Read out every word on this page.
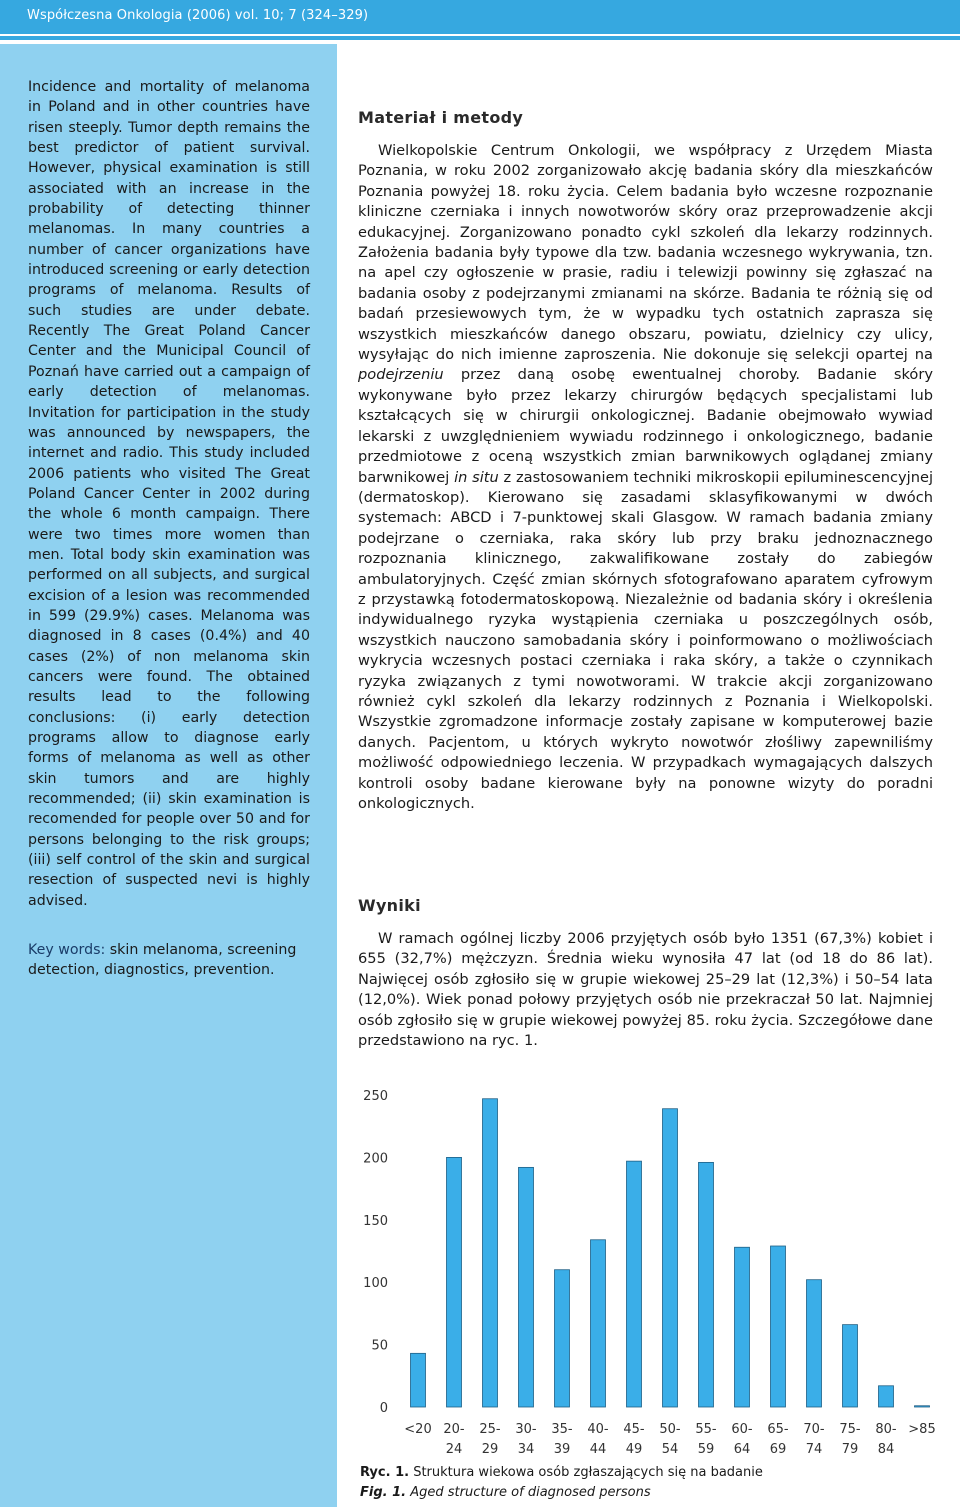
Współczesna Onkologia (2006) vol. 10; 7 (324–329)
Incidence and mortality of melanoma in Poland and in other countries have risen steeply. Tumor depth remains the best predictor of patient survival. However, physical examination is still associated with an increase in the probability of detecting thinner melanomas. In many countries a number of cancer organizations have introduced screening or early detection programs of melanoma. Results of such studies are under debate. Recently The Great Poland Cancer Center and the Municipal Council of Poznań have carried out a campaign of early detection of melanomas. Invitation for participation in the study was announced by newspapers, the internet and radio. This study included 2006 patients who visited The Great Poland Cancer Center in 2002 during the whole 6 month campaign. There were two times more women than men. Total body skin examination was performed on all subjects, and surgical excision of a lesion was recommended in 599 (29.9%) cases. Melanoma was diagnosed in 8 cases (0.4%) and 40 cases (2%) of non melanoma skin cancers were found. The obtained results lead to the following conclusions: (i) early detection programs allow to diagnose early forms of melanoma as well as other skin tumors and are highly recommended; (ii) skin examination is recomended for people over 50 and for persons belonging to the risk groups; (iii) self control of the skin and surgical resection of suspected nevi is highly advised.
Key words: skin melanoma, screening detection, diagnostics, prevention.
Materiał i metody
Wielkopolskie Centrum Onkologii, we współpracy z Urzędem Miasta Poznania, w roku 2002 zorganizowało akcję badania skóry dla mieszkańców Poznania powyżej 18. roku życia. Celem badania było wczesne rozpoznanie kliniczne czerniaka i innych nowotworów skóry oraz przeprowadzenie akcji edukacyjnej. Zorganizowano ponadto cykl szkoleń dla lekarzy rodzinnych. Założenia badania były typowe dla tzw. badania wczesnego wykrywania, tzn. na apel czy ogłoszenie w prasie, radiu i telewizji powinny się zgłaszać na badania osoby z podejrzanymi zmianami na skórze. Badania te różnią się od badań przesiewowych tym, że w wypadku tych ostatnich zaprasza się wszystkich mieszkańców danego obszaru, powiatu, dzielnicy czy ulicy, wysyłając do nich imienne zaproszenia. Nie dokonuje się selekcji opartej na podejrzeniu przez daną osobę ewentualnej choroby. Badanie skóry wykonywane było przez lekarzy chirurgów będących specjalistami lub kształcących się w chirurgii onkologicznej. Badanie obejmowało wywiad lekarski z uwzględnieniem wywiadu rodzinnego i onkologicznego, badanie przedmiotowe z oceną wszystkich zmian barwnikowych oglądanej zmiany barwnikowej in situ z zastosowaniem techniki mikroskopii epiluminescencyjnej (dermatoskop). Kierowano się zasadami sklasyfikowanymi w dwóch systemach: ABCD i 7-punktowej skali Glasgow. W ramach badania zmiany podejrzane o czerniaka, raka skóry lub przy braku jednoznacznego rozpoznania klinicznego, zakwalifikowane zostały do zabiegów ambulatoryjnych. Część zmian skórnych sfotografowano aparatem cyfrowym z przystawką fotodermatoskopową. Niezależnie od badania skóry i określenia indywidualnego ryzyka wystąpienia czerniaka u poszczególnych osób, wszystkich nauczono samobadania skóry i poinformowano o możliwościach wykrycia wczesnych postaci czerniaka i raka skóry, a także o czynnikach ryzyka związanych z tymi nowotworami. W trakcie akcji zorganizowano również cykl szkoleń dla lekarzy rodzinnych z Poznania i Wielkopolski. Wszystkie zgromadzone informacje zostały zapisane w komputerowej bazie danych. Pacjentom, u których wykryto nowotwór złośliwy zapewniliśmy możliwość odpowiedniego leczenia. W przypadkach wymagających dalszych kontroli osoby badane kierowane były na ponowne wizyty do poradni onkologicznych.
Wyniki
W ramach ogólnej liczby 2006 przyjętych osób było 1351 (67,3%) kobiet i 655 (32,7%) mężczyzn. Średnia wieku wynosiła 47 lat (od 18 do 86 lat). Najwięcej osób zgłosiło się w grupie wiekowej 25–29 lat (12,3%) i 50–54 lata (12,0%). Wiek ponad połowy przyjętych osób nie przekraczał 50 lat. Najmniej osób zgłosiło się w grupie wiekowej powyżej 85. roku życia. Szczegółowe dane przedstawiono na ryc. 1.
0
50
100
150
200
250
<20 20-
24
25-
29
30-
34
35-
39
40-
44
45-
49
50-
54
55-
59
60-
64
65-
69
70-
74
75-
79
80-
84
>85
Ryc. 1. Struktura wiekowa osób zgłaszających się na badanie
Fig. 1. Aged structure of diagnosed persons
